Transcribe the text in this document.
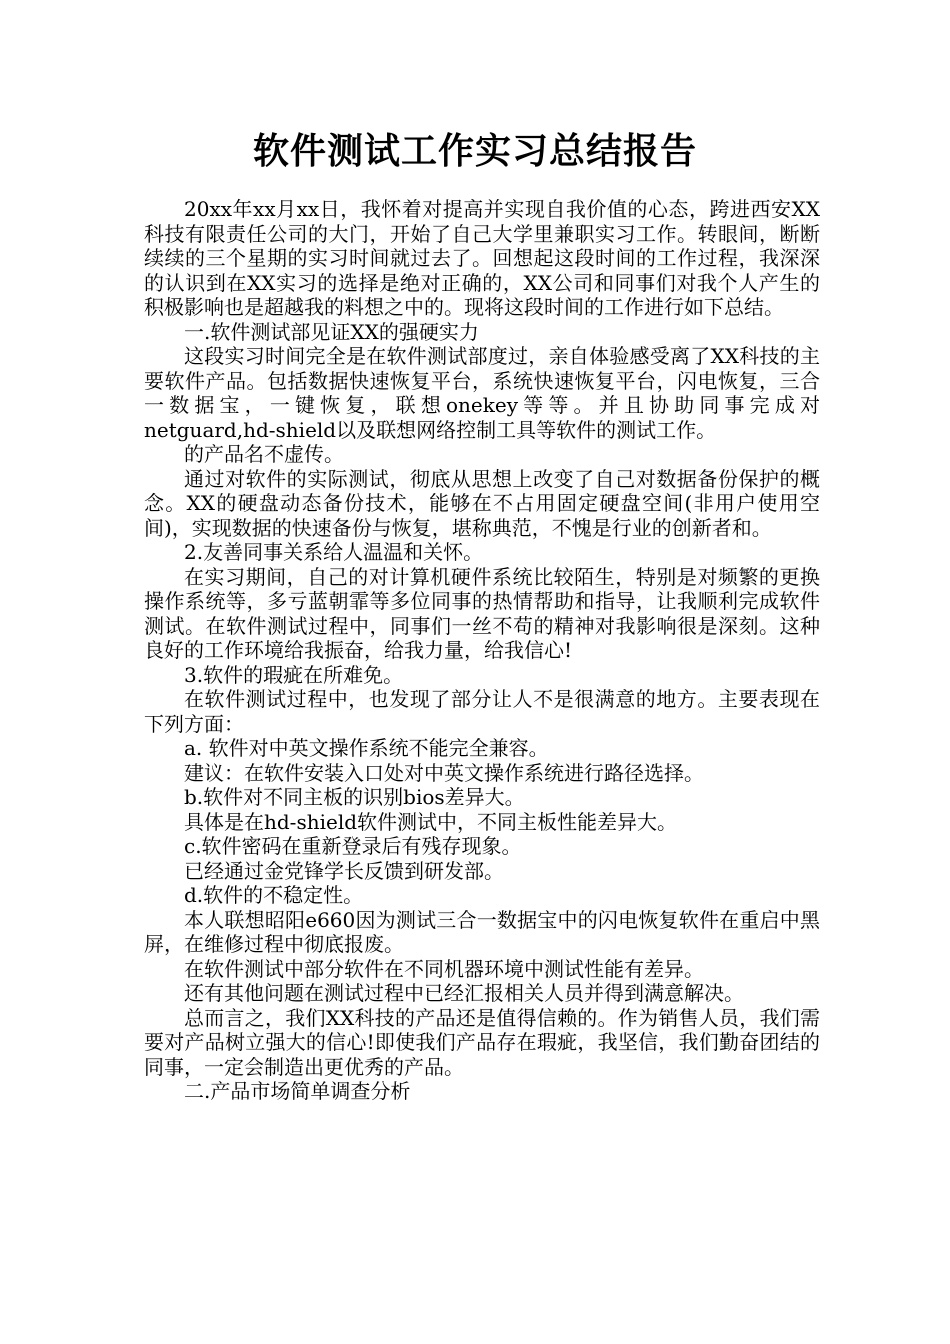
软件测试工作实习总结报告

20xx年xx月xx日，我怀着对提高并实现自我价值的心态，跨进西安XX科技有限责任公司的大门，开始了自己大学里兼职实习工作。转眼间，断断续续的三个星期的实习时间就过去了。回想起这段时间的工作过程，我深深的认识到在XX实习的选择是绝对正确的，XX公司和同事们对我个人产生的积极影响也是超越我的料想之中的。现将这段时间的工作进行如下总结。

一.软件测试部见证XX的强硬实力

这段实习时间完全是在软件测试部度过，亲自体验感受离了XX科技的主要软件产品。包括数据快速恢复平台，系统快速恢复平台，闪电恢复，三合一数据宝，一键恢复，联想onekey等等。并且协助同事完成对netguard,hd-shield以及联想网络控制工具等软件的测试工作。

的产品名不虚传。

通过对软件的实际测试，彻底从思想上改变了自己对数据备份保护的概念。XX的硬盘动态备份技术，能够在不占用固定硬盘空间(非用户使用空间)，实现数据的快速备份与恢复，堪称典范，不愧是行业的创新者和。

2.友善同事关系给人温温和关怀。

在实习期间，自己的对计算机硬件系统比较陌生，特别是对频繁的更换操作系统等，多亏蓝朝霏等多位同事的热情帮助和指导，让我顺利完成软件测试。在软件测试过程中，同事们一丝不苟的精神对我影响很是深刻。这种良好的工作环境给我振奋，给我力量，给我信心!

3.软件的瑕疵在所难免。

在软件测试过程中，也发现了部分让人不是很满意的地方。主要表现在下列方面：

a. 软件对中英文操作系统不能完全兼容。

建议：在软件安装入口处对中英文操作系统进行路径选择。

b.软件对不同主板的识别bios差异大。

具体是在hd-shield软件测试中，不同主板性能差异大。

c.软件密码在重新登录后有残存现象。

已经通过金党锋学长反馈到研发部。

d.软件的不稳定性。

本人联想昭阳e660因为测试三合一数据宝中的闪电恢复软件在重启中黑屏，在维修过程中彻底报废。

在软件测试中部分软件在不同机器环境中测试性能有差异。

还有其他问题在测试过程中已经汇报相关人员并得到满意解决。

总而言之，我们XX科技的产品还是值得信赖的。作为销售人员，我们需要对产品树立强大的信心!即使我们产品存在瑕疵，我坚信，我们勤奋团结的同事，一定会制造出更优秀的产品。

二.产品市场简单调查分析
